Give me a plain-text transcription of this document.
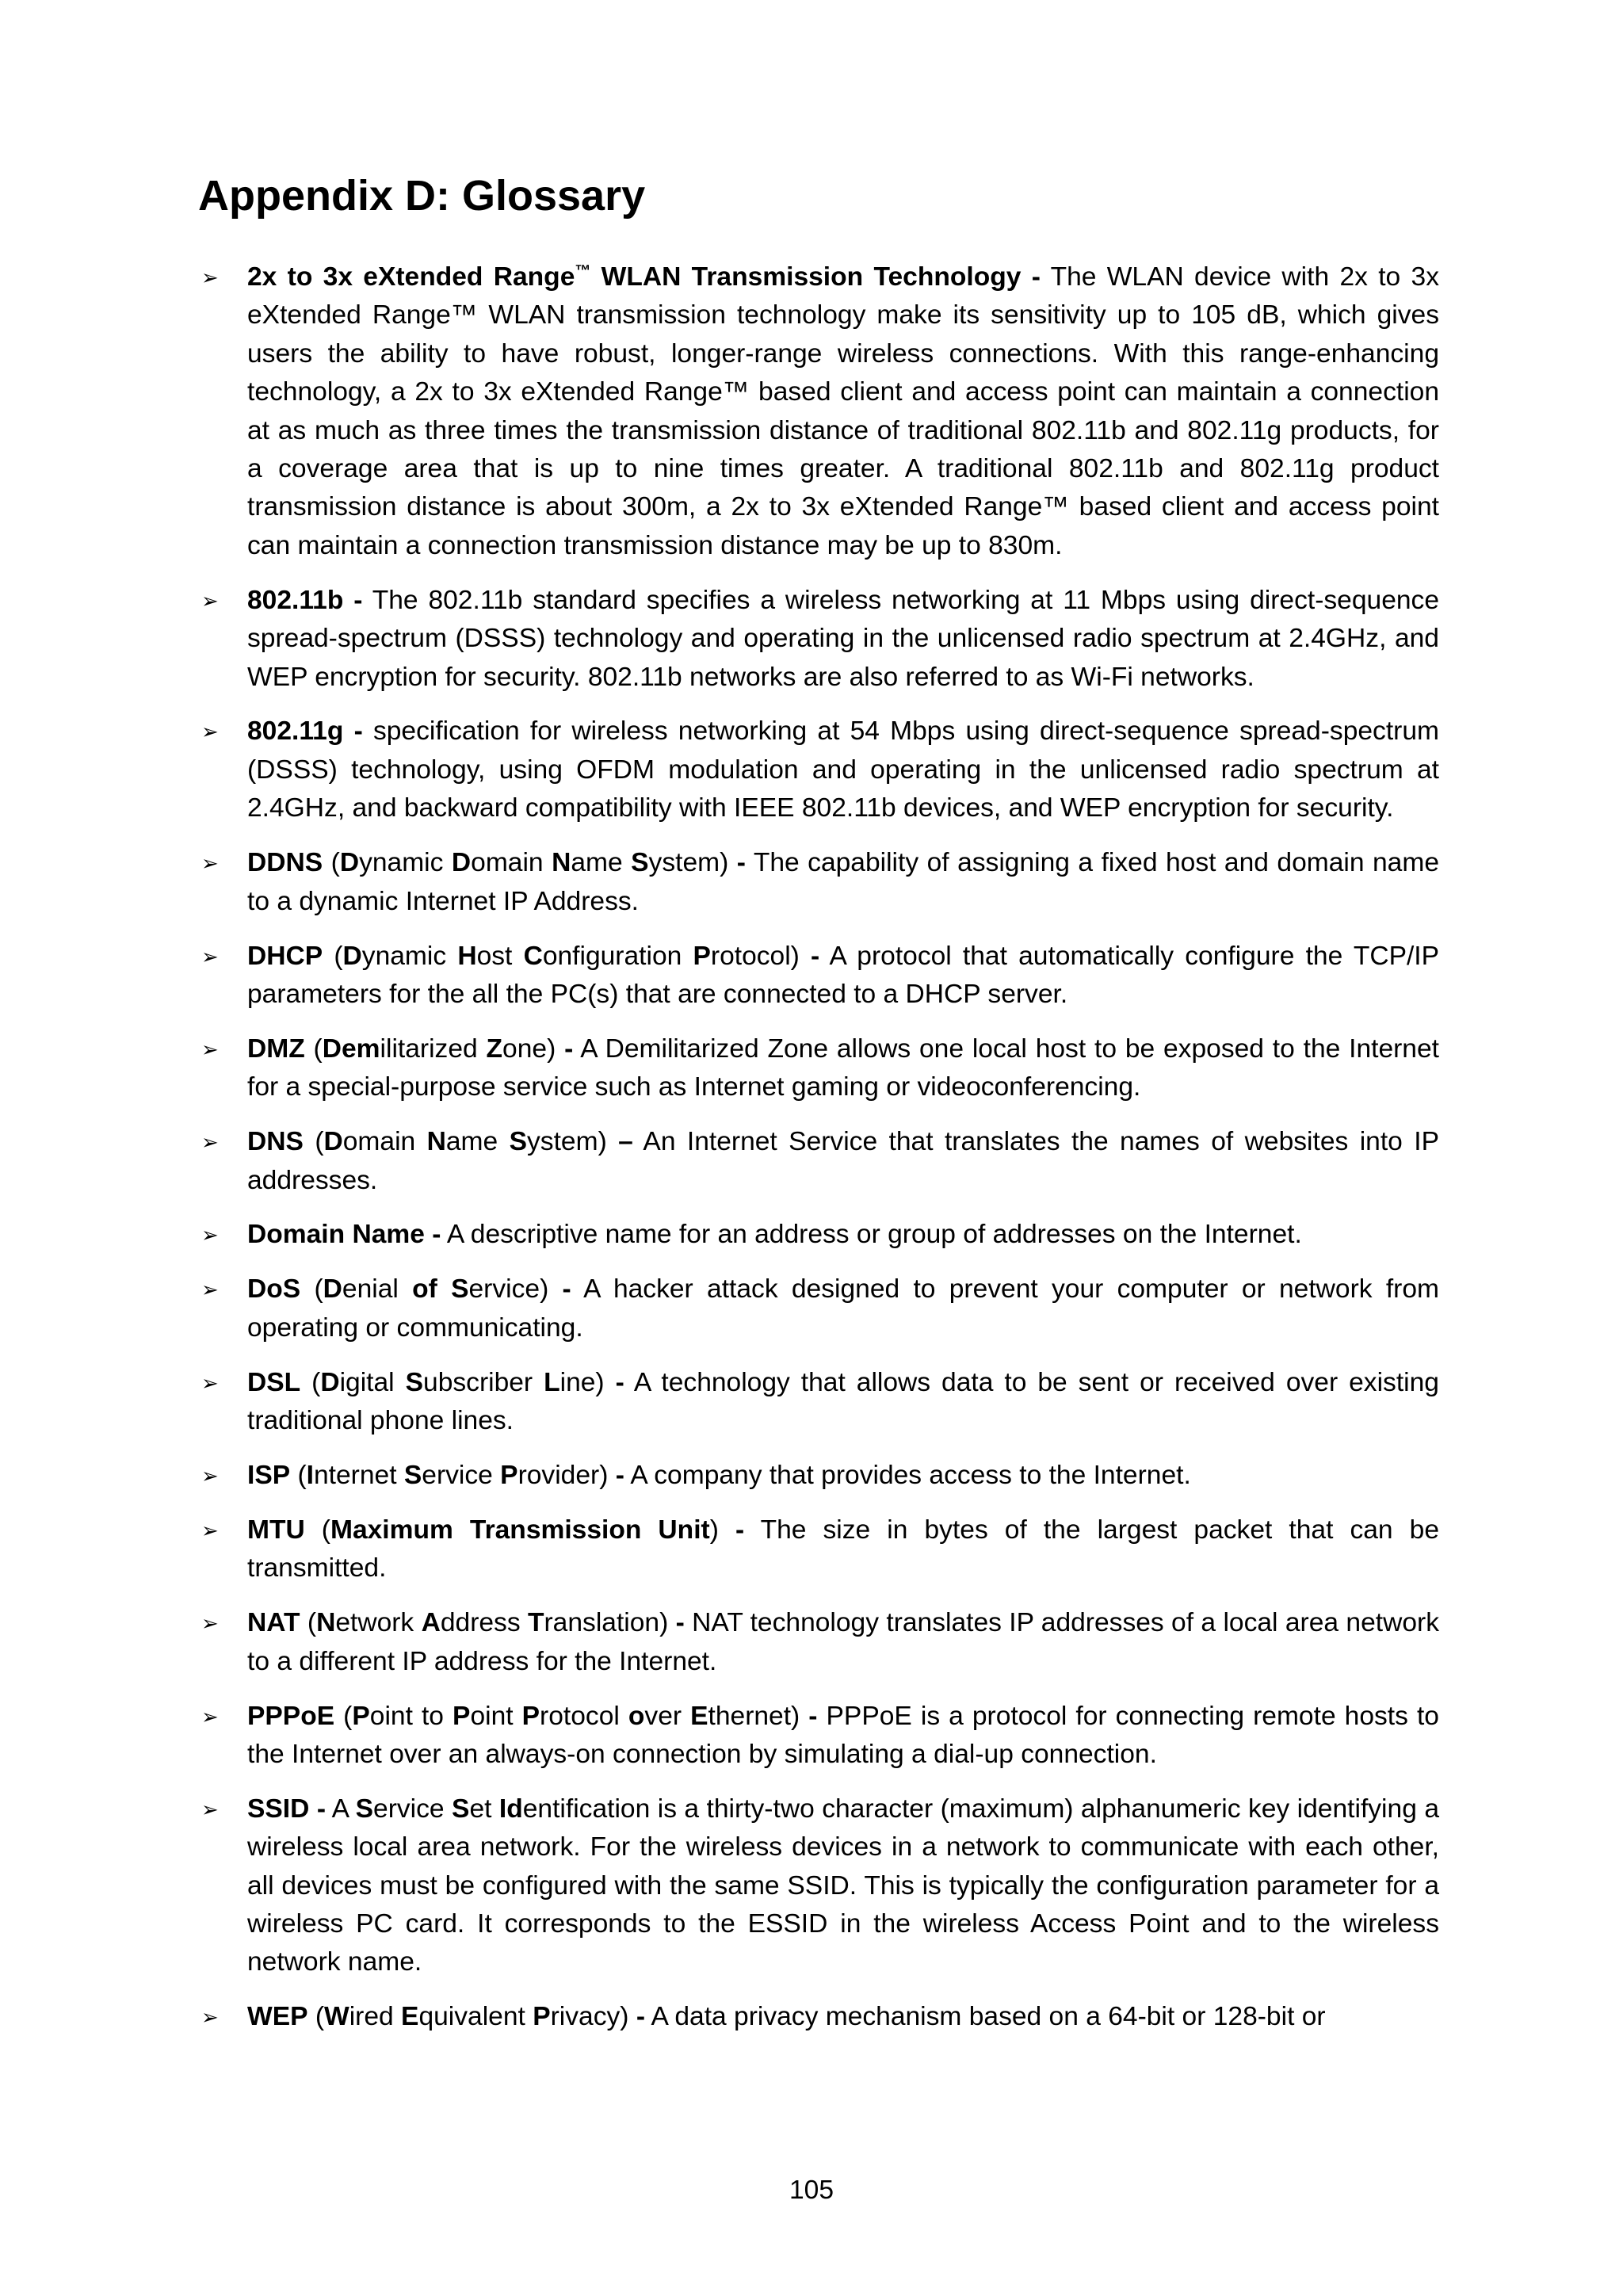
Appendix D: Glossary
➢ 2x to 3x eXtended Range™ WLAN Transmission Technology - The WLAN device with 2x to 3x eXtended Range™ WLAN transmission technology make its sensitivity up to 105 dB, which gives users the ability to have robust, longer-range wireless connections. With this range-enhancing technology, a 2x to 3x eXtended Range™ based client and access point can maintain a connection at as much as three times the transmission distance of traditional 802.11b and 802.11g products, for a coverage area that is up to nine times greater. A traditional 802.11b and 802.11g product transmission distance is about 300m, a 2x to 3x eXtended Range™ based client and access point can maintain a connection transmission distance may be up to 830m.
➢ 802.11b - The 802.11b standard specifies a wireless networking at 11 Mbps using direct-sequence spread-spectrum (DSSS) technology and operating in the unlicensed radio spectrum at 2.4GHz, and WEP encryption for security. 802.11b networks are also referred to as Wi-Fi networks.
➢ 802.11g - specification for wireless networking at 54 Mbps using direct-sequence spread-spectrum (DSSS) technology, using OFDM modulation and operating in the unlicensed radio spectrum at 2.4GHz, and backward compatibility with IEEE 802.11b devices, and WEP encryption for security.
➢ DDNS (Dynamic Domain Name System) - The capability of assigning a fixed host and domain name to a dynamic Internet IP Address.
➢ DHCP (Dynamic Host Configuration Protocol) - A protocol that automatically configure the TCP/IP parameters for the all the PC(s) that are connected to a DHCP server.
➢ DMZ (Demilitarized Zone) - A Demilitarized Zone allows one local host to be exposed to the Internet for a special-purpose service such as Internet gaming or videoconferencing.
➢ DNS (Domain Name System) – An Internet Service that translates the names of websites into IP addresses.
➢ Domain Name - A descriptive name for an address or group of addresses on the Internet.
➢ DoS (Denial of Service) - A hacker attack designed to prevent your computer or network from operating or communicating.
➢ DSL (Digital Subscriber Line) - A technology that allows data to be sent or received over existing traditional phone lines.
➢ ISP (Internet Service Provider) - A company that provides access to the Internet.
➢ MTU (Maximum Transmission Unit) - The size in bytes of the largest packet that can be transmitted.
➢ NAT (Network Address Translation) - NAT technology translates IP addresses of a local area network to a different IP address for the Internet.
➢ PPPoE (Point to Point Protocol over Ethernet) - PPPoE is a protocol for connecting remote hosts to the Internet over an always-on connection by simulating a dial-up connection.
➢ SSID - A Service Set Identification is a thirty-two character (maximum) alphanumeric key identifying a wireless local area network. For the wireless devices in a network to communicate with each other, all devices must be configured with the same SSID. This is typically the configuration parameter for a wireless PC card. It corresponds to the ESSID in the wireless Access Point and to the wireless network name.
➢ WEP (Wired Equivalent Privacy) - A data privacy mechanism based on a 64-bit or 128-bit or
105
